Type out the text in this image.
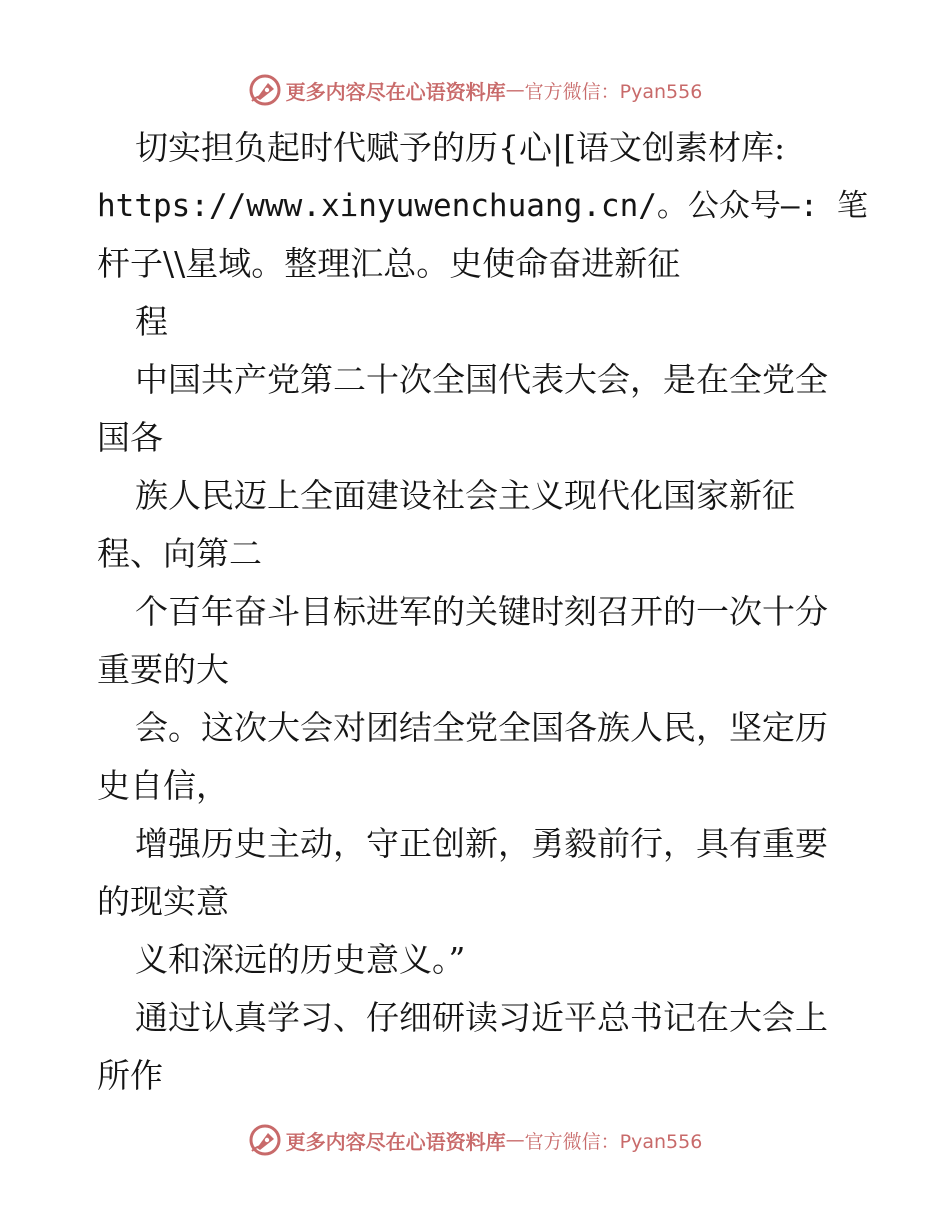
更多内容尽在心语资料库 — 官方微信：Pyan556
切实担负起时代赋予的历{心|[语文创素材库:
https://www.xinyuwenchuang.cn/。公众号—: 笔
杆子\\星域。整理汇总。史使命奋进新征
程
中国共产党第二十次全国代表大会，是在全党全
国各
族人民迈上全面建设社会主义现代化国家新征
程、向第二
个百年奋斗目标进军的关键时刻召开的一次十分
重要的大
会。这次大会对团结全党全国各族人民，坚定历
史自信，
增强历史主动，守正创新，勇毅前行，具有重要
的现实意
义和深远的历史意义。”
通过认真学习、仔细研读习近平总书记在大会上
所作
更多内容尽在心语资料库 — 官方微信：Pyan556
